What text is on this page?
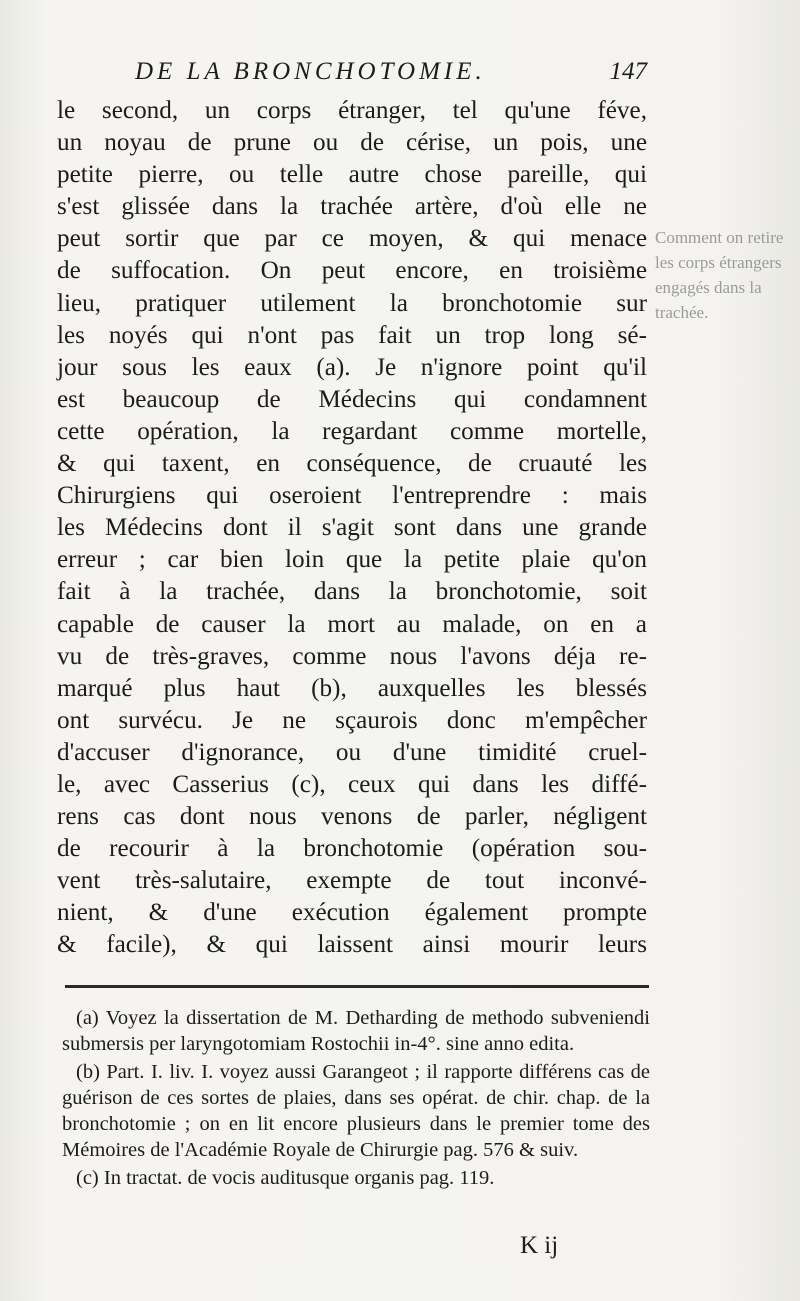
DE LA BRONCHOTOMIE.	147
Comment on retire les corps étrangers engagés dans la trachée.

le second, un corps étranger, tel qu'une féve,

un noyau de prune ou de cérise, un pois, une

petite pierre, ou telle autre chose pareille, qui

s'est glissée dans la trachée artère, d'où elle ne

peut sortir que par ce moyen, & qui menace

de suffocation. On peut encore, en troisième

lieu, pratiquer utilement la bronchotomie sur

les noyés qui n'ont pas fait un trop long sé-

jour sous les eaux (a). Je n'ignore point qu'il

est beaucoup de Médecins qui condamnent

cette opération, la regardant comme mortelle,

& qui taxent, en conséquence, de cruauté les

Chirurgiens qui oseroient l'entreprendre : mais

les Médecins dont il s'agit sont dans une grande

erreur ; car bien loin que la petite plaie qu'on

fait à la trachée, dans la bronchotomie, soit

capable de causer la mort au malade, on en a

vu de très-graves, comme nous l'avons déja re-

marqué plus haut (b), auxquelles les blessés

ont survécu. Je ne sçaurois donc m'empêcher

d'accuser d'ignorance, ou d'une timidité cruel-

le, avec Casserius (c), ceux qui dans les diffé-

rens cas dont nous venons de parler, négligent

de recourir à la bronchotomie (opération sou-

vent très-salutaire, exempte de tout inconvé-

nient, & d'une exécution également prompte

& facile), & qui laissent ainsi mourir leurs

(a) Voyez la dissertation de M. Detharding de methodo subveniendi submersis per laryngotomiam Rostochii in-4°. sine anno edita.

(b) Part. I. liv. I. voyez aussi Garangeot ; il rapporte différens cas de guérison de ces sortes de plaies, dans ses opérat. de chir. chap. de la bronchotomie ; on en lit encore plusieurs dans le premier tome des Mémoires de l'Académie Royale de Chirurgie pag. 576 & suiv.

(c) In tractat. de vocis auditusque organis pag. 119.

K ij
